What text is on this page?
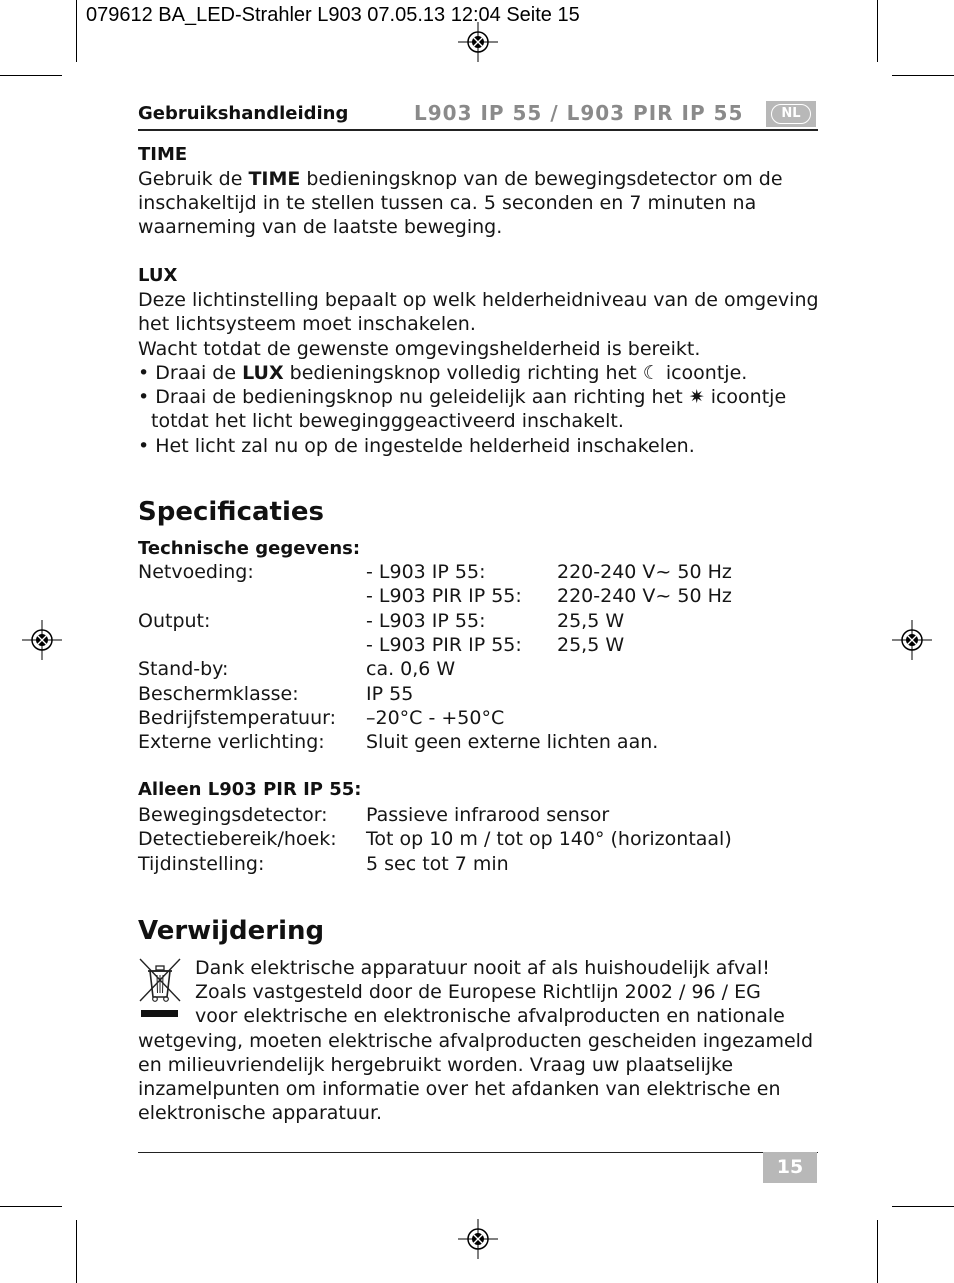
079612 BA_LED-Strahler L903 07.05.13 12:04 Seite 15
Gebruikshandleiding	L903 IP 55 / L903 PIR IP 55	NL
TIME
Gebruik de TIME bedieningsknop van de bewegingsdetector om de
inschakeltijd in te stellen tussen ca. 5 seconden en 7 minuten na
waarneming van de laatste beweging.
LUX
Deze lichtinstelling bepaalt op welk helderheidniveau van de omgeving
het lichtsysteem moet inschakelen.
Wacht totdat de gewenste omgevingshelderheid is bereikt.
• Draai de LUX bedieningsknop volledig richting het ☾ icoontje.
• Draai de bedieningsknop nu geleidelijk aan richting het ✷ icoontje
totdat het licht bewegingggeactiveerd inschakelt.
• Het licht zal nu op de ingestelde helderheid inschakelen.
Specificaties
Technische gegevens:
Netvoeding:	- L903 IP 55:	220-240 V~ 50 Hz
- L903 PIR IP 55: 220-240 V~ 50 Hz
Output:	- L903 IP 55:	25,5 W
- L903 PIR IP 55: 25,5 W
Stand-by:	ca. 0,6 W
Beschermklasse:	IP 55
Bedrijfstemperatuur: –20°C - +50°C
Externe verlichting: Sluit geen externe lichten aan.
Alleen L903 PIR IP 55:
Bewegingsdetector: Passieve infrarood sensor
Detectiebereik/hoek: Tot op 10 m / tot op 140° (horizontaal)
Tijdinstelling:	5 sec tot 7 min
Verwijdering
Dank elektrische apparatuur nooit af als huishoudelijk afval!
Zoals vastgesteld door de Europese Richtlijn 2002 / 96 / EG
voor elektrische en elektronische afvalproducten en nationale
wetgeving, moeten elektrische afvalproducten gescheiden ingezameld
en milieuvriendelijk hergebruikt worden. Vraag uw plaatselijke
inzamelpunten om informatie over het afdanken van elektrische en
elektronische apparatuur.
15
